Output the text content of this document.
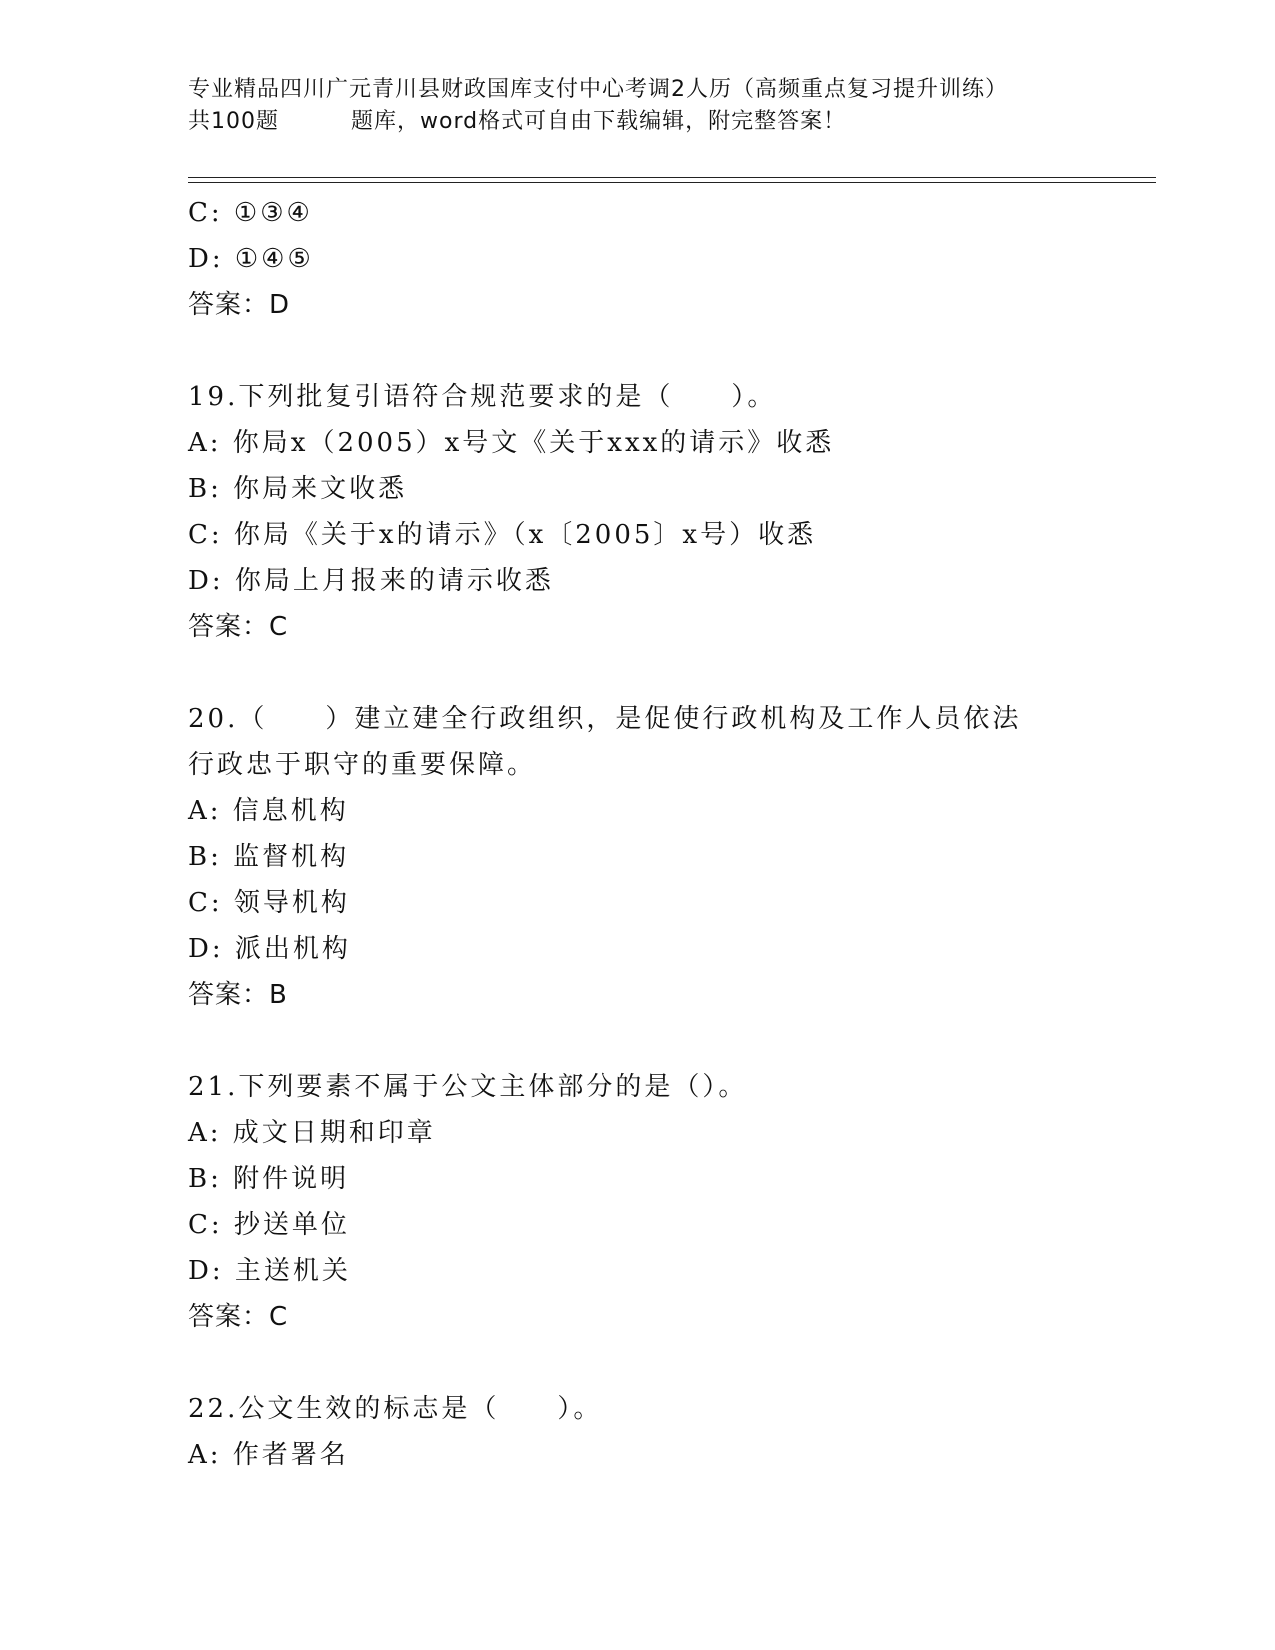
专业精品四川广元青川县财政国库支付中心考调2人历（高频重点复习提升训练）
共100题	题库，word格式可自由下载编辑，附完整答案！
C: ①③④
D: ①④⑤
答案：D
19.下列批复引语符合规范要求的是（　　）。
A: 你局x（2005）x号文《关于xxx的请示》收悉
B: 你局来文收悉
C: 你局《关于x的请示》（x〔2005〕x号）收悉
D: 你局上月报来的请示收悉
答案：C
20.（　　）建立建全行政组织，是促使行政机构及工作人员依法行政忠于职守的重要保障。
A: 信息机构
B: 监督机构
C: 领导机构
D: 派出机构
答案：B
21.下列要素不属于公文主体部分的是（）。
A: 成文日期和印章
B: 附件说明
C: 抄送单位
D: 主送机关
答案：C
22.公文生效的标志是（　　）。
A: 作者署名
